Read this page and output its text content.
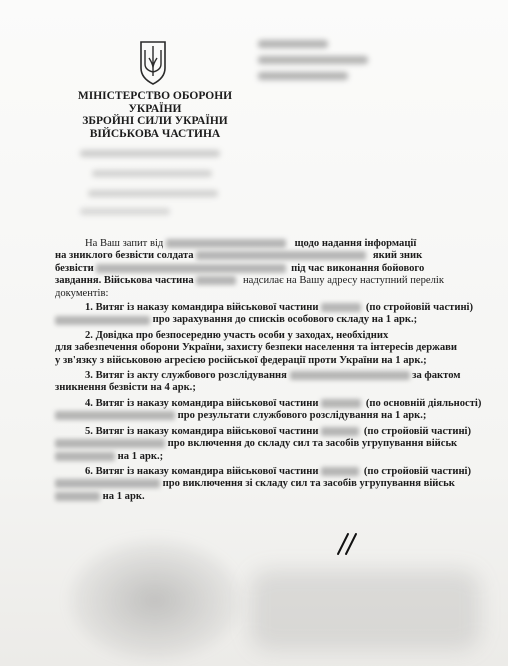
МІНІСТЕРСТВО ОБОРОНИ
УКРАЇНИ
ЗБРОЙНІ СИЛИ УКРАЇНИ
ВІЙСЬКОВА ЧАСТИНА
На Ваш запит від	щодо надання інформації
на зниклого безвісти солдата	який зник
безвісти	під час виконання бойового
завдання. Військова частина	надсилає на Вашу адресу наступний перелік
документів:
1. Витяг із наказу командира військової частини	(по стройовій частині)
про зарахування до списків особового складу на 1 арк.;
2. Довідка про безпосередню участь особи у заходах, необхідних
для забезпечення оборони України, захисту безпеки населення та інтересів держави
у зв'язку з військовою агресією російської федерації проти України на 1 арк.;
3. Витяг із акту службового розслідування	за фактом
зникнення безвісти на 4 арк.;
4. Витяг із наказу командира військової частини	(по основній діяльності)
про результати службового розслідування на 1 арк.;
5. Витяг із наказу командира військової частини	(по стройовій частині)
про включення до складу сил та засобів угрупування військ
на 1 арк.;
6. Витяг із наказу командира військової частини	(по стройовій частині)
про виключення зі складу сил та засобів угрупування військ
на 1 арк.
